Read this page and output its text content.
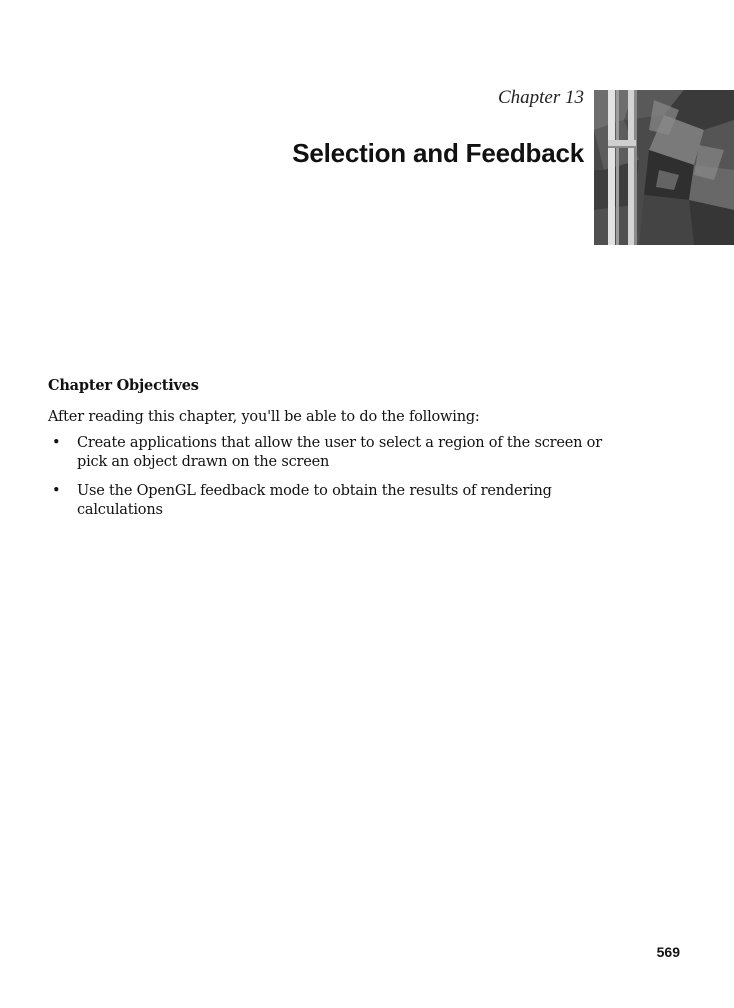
Chapter 13
Selection and Feedback
Chapter Objectives
After reading this chapter, you'll be able to do the following:
• Create applications that allow the user to select a region of the screen or pick an object drawn on the screen
• Use the OpenGL feedback mode to obtain the results of rendering calculations
569
